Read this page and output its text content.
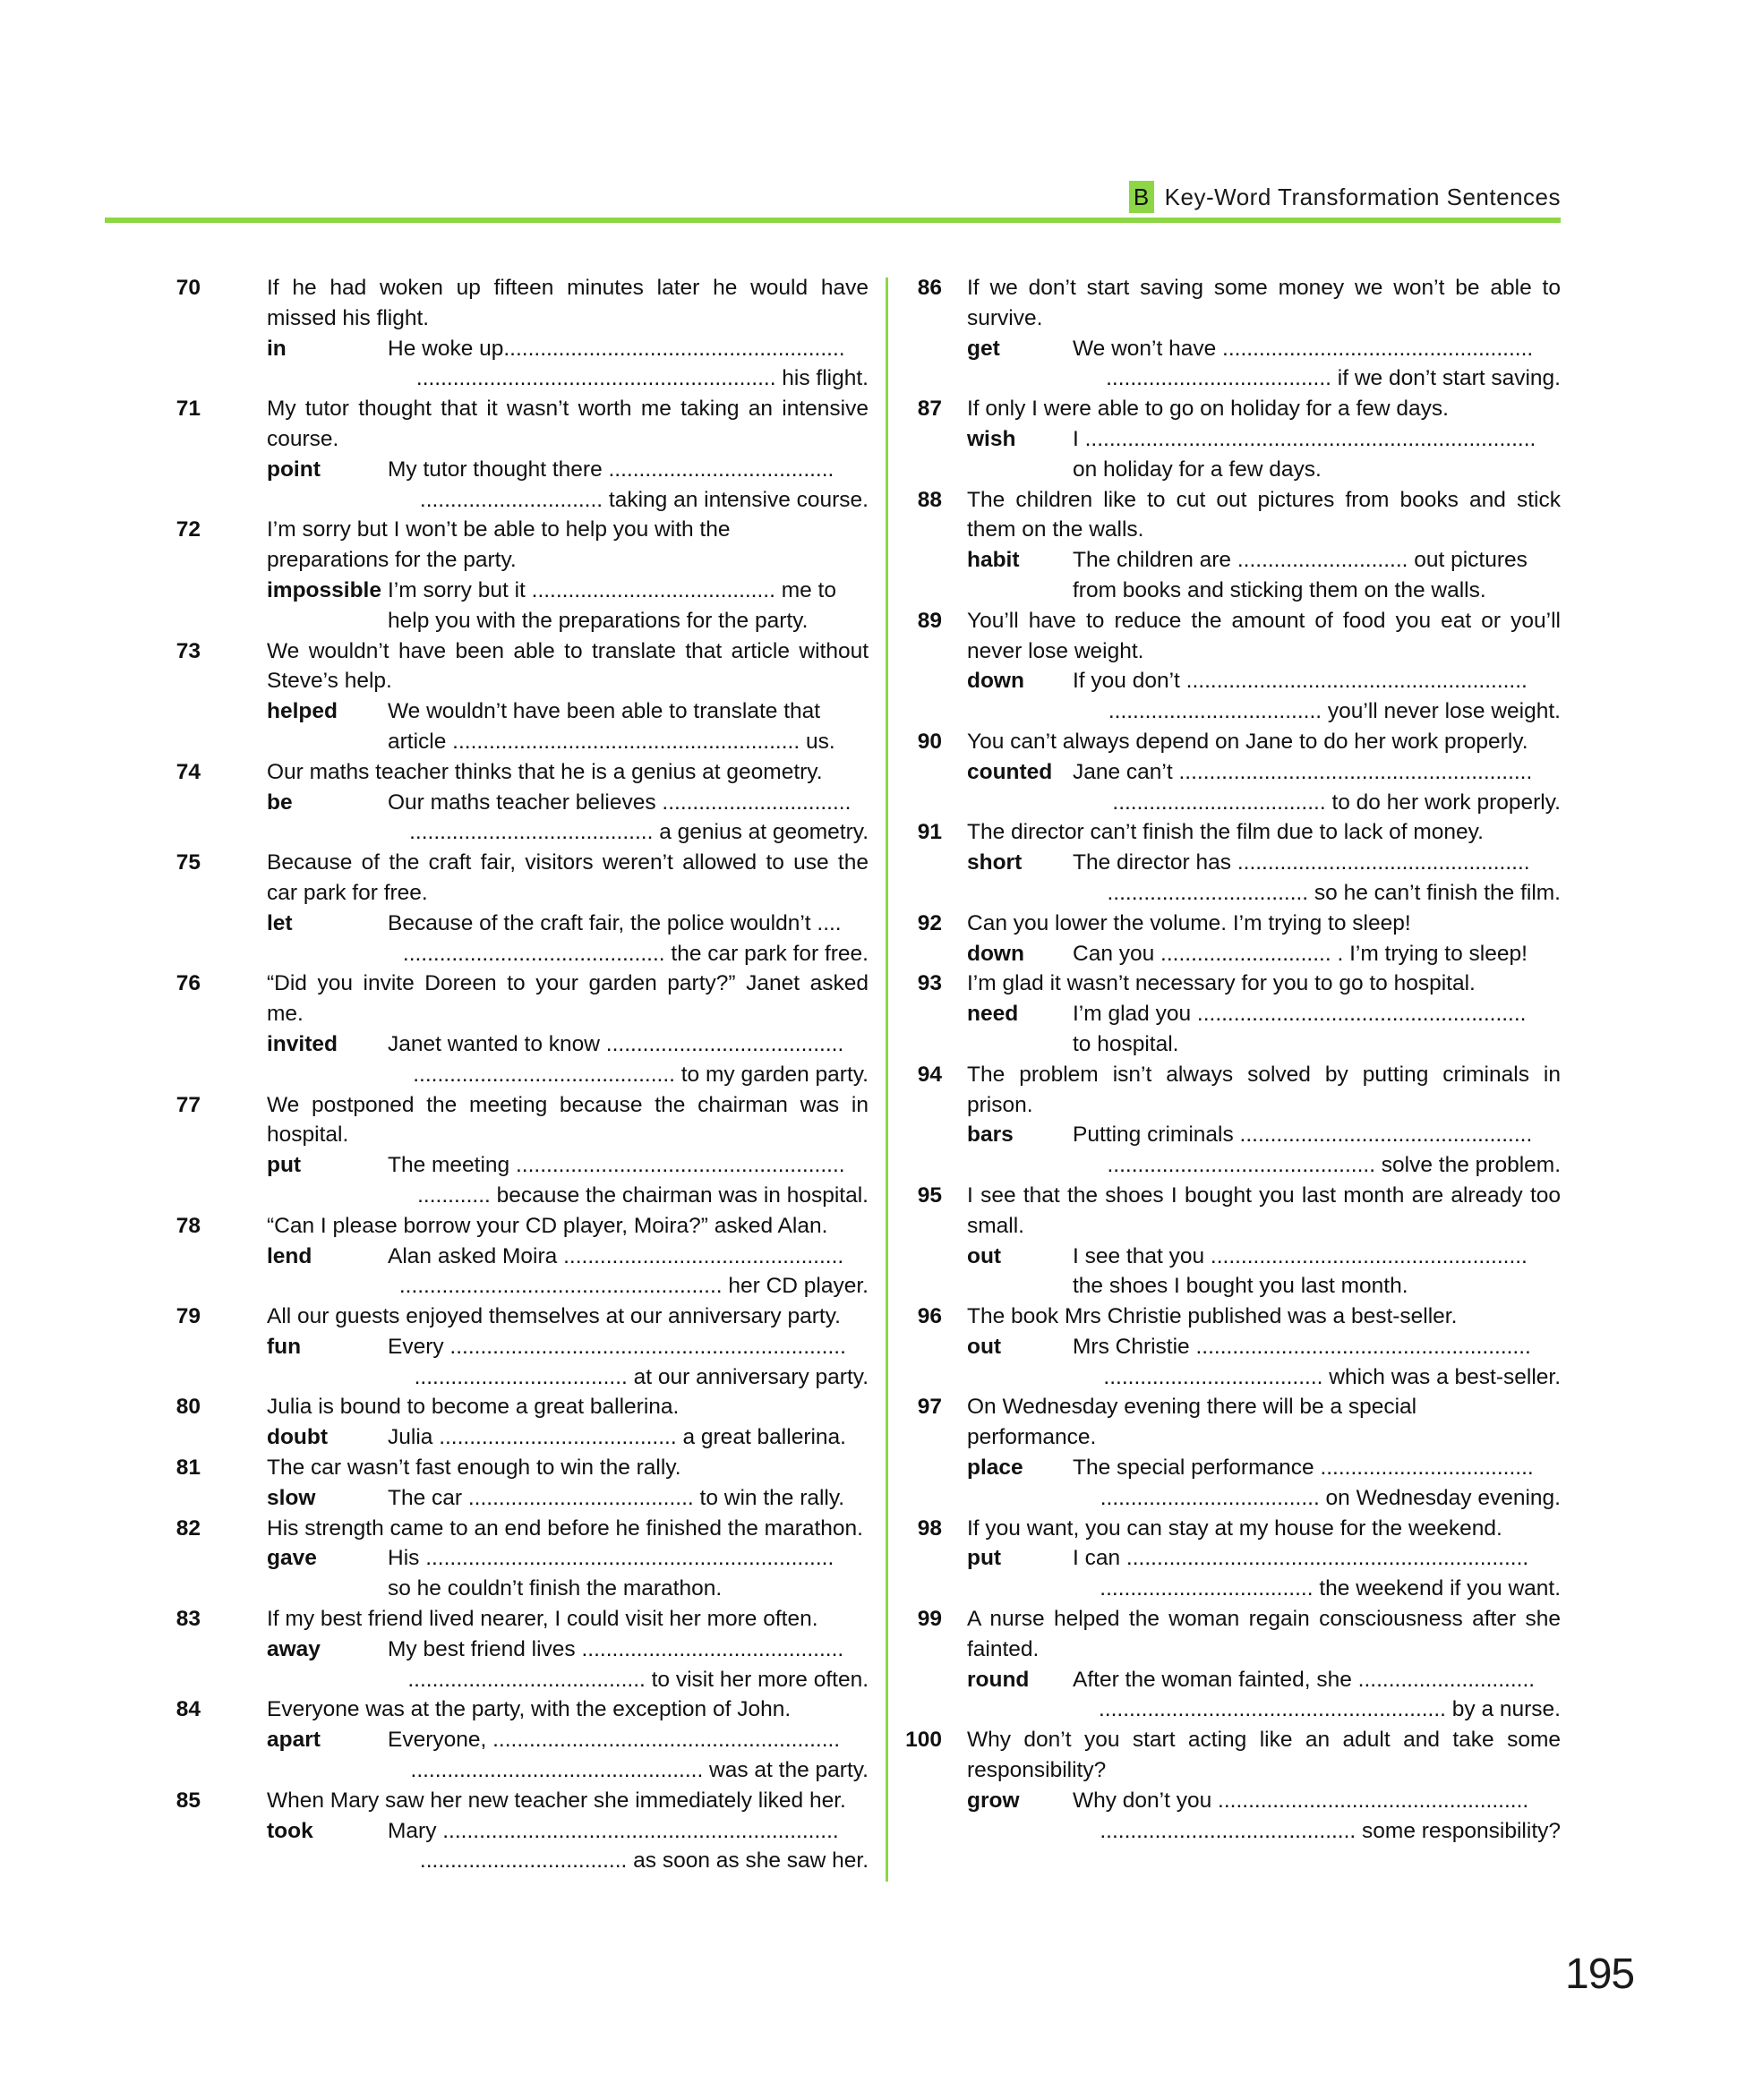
B Key-Word Transformation Sentences
70	If he had woken up fifteen minutes later he would have missed his flight.
in	He woke up........................................................
........................................................... his flight.
71	My tutor thought that it wasn’t worth me taking an intensive course.
point	My tutor thought there .....................................
.............................. taking an intensive course.
72	I’m sorry but I won’t be able to help you with the
preparations for the party.
impossible I’m sorry but it ........................................ me to
help you with the preparations for the party.
73	We wouldn’t have been able to translate that article without Steve’s help.
helped	We wouldn’t have been able to translate that
article ......................................................... us.
74	Our maths teacher thinks that he is a genius at geometry.
be	Our maths teacher believes ...............................
........................................ a genius at geometry.
75	Because of the craft fair, visitors weren’t allowed to use the car park for free.
let	Because of the craft fair, the police wouldn’t ....
........................................... the car park for free.
76	“Did you invite Doreen to your garden party?” Janet asked me.
invited	Janet wanted to know .......................................
........................................... to my garden party.
77	We postponed the meeting because the chairman was in hospital.
put	The meeting ......................................................
............ because the chairman was in hospital.
78	“Can I please borrow your CD player, Moira?” asked Alan.
lend	Alan asked Moira ..............................................
..................................................... her CD player.
79	All our guests enjoyed themselves at our anniversary party.
fun	Every .................................................................
................................... at our anniversary party.
80	Julia is bound to become a great ballerina.
doubt	Julia ....................................... a great ballerina.
81	The car wasn’t fast enough to win the rally.
slow	The car ..................................... to win the rally.
82	His strength came to an end before he finished the marathon.
gave	His ...................................................................
so he couldn’t finish the marathon.
83	If my best friend lived nearer, I could visit her more often.
away	My best friend lives ...........................................
....................................... to visit her more often.
84	Everyone was at the party, with the exception of John.
apart	Everyone, .........................................................
................................................ was at the party.
85	When Mary saw her new teacher she immediately liked her.
took	Mary .................................................................
.................................. as soon as she saw her.
86	If we don’t start saving some money we won’t be able to survive.
get	We won’t have ...................................................
..................................... if we don’t start saving.
87	If only I were able to go on holiday for a few days.
wish	I ..........................................................................
on holiday for a few days.
88	The children like to cut out pictures from books and stick them on the walls.
habit	The children are ............................ out pictures
from books and sticking them on the walls.
89	You’ll have to reduce the amount of food you eat or you’ll never lose weight.
down	If you don’t ........................................................
................................... you’ll never lose weight.
90	You can’t always depend on Jane to do her work properly.
counted Jane can’t ..........................................................
................................... to do her work properly.
91	The director can’t finish the film due to lack of money.
short	The director has ................................................
................................. so he can’t finish the film.
92	Can you lower the volume. I’m trying to sleep!
down	Can you ............................ . I’m trying to sleep!
93	I’m glad it wasn’t necessary for you to go to hospital.
need	I’m glad you ......................................................
to hospital.
94	The problem isn’t always solved by putting criminals in prison.
bars	Putting criminals ................................................
............................................ solve the problem.
95	I see that the shoes I bought you last month are already too small.
out	I see that you ....................................................
the shoes I bought you last month.
96	The book Mrs Christie published was a best-seller.
out	Mrs Christie .......................................................
.................................... which was a best-seller.
97 On Wednesday evening there will be a special
performance.
place	The special performance ...................................
.................................... on Wednesday evening.
98	If you want, you can stay at my house for the weekend.
put	I can ..................................................................
................................... the weekend if you want.
99	A nurse helped the woman regain consciousness after she fainted.
round	After the woman fainted, she .............................
......................................................... by a nurse.
100	Why don’t you start acting like an adult and take some responsibility?
grow	Why don’t you ...................................................
.......................................... some responsibility?
195
